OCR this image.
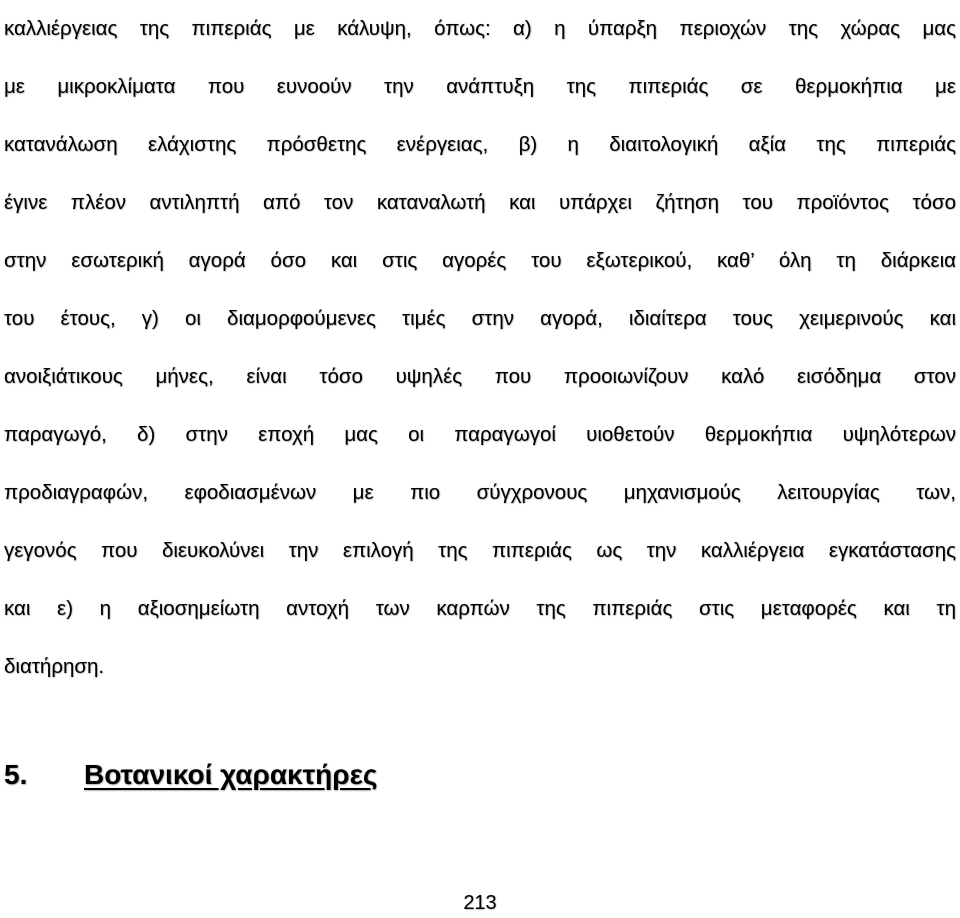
καλλιέργειας της πιπεριάς με κάλυψη, όπως: α) η ύπαρξη περιοχών της χώρας μας
με μικροκλίματα που ευνοούν την ανάπτυξη της πιπεριάς σε θερμοκήπια με
κατανάλωση ελάχιστης πρόσθετης ενέργειας, β) η διαιτολογική αξία της πιπεριάς
έγινε πλέον αντιληπτή από τον καταναλωτή και υπάρχει ζήτηση του προϊόντος τόσο
στην εσωτερική αγορά όσο και στις αγορές του εξωτερικού, καθ’ όλη τη διάρκεια
του έτους, γ) οι διαμορφούμενες τιμές στην αγορά, ιδιαίτερα τους χειμερινούς και
ανοιξιάτικους μήνες, είναι τόσο υψηλές που προοιωνίζουν καλό εισόδημα στον
παραγωγό, δ) στην εποχή μας οι παραγωγοί υιοθετούν θερμοκήπια υψηλότερων
προδιαγραφών, εφοδιασμένων με πιο σύγχρονους μηχανισμούς λειτουργίας των,
γεγονός που διευκολύνει την επιλογή της πιπεριάς ως την καλλιέργεια εγκατάστασης
και ε) η αξιοσημείωτη αντοχή των καρπών της πιπεριάς στις μεταφορές και τη
διατήρηση.
5. Βοτανικοί χαρακτήρες
213
